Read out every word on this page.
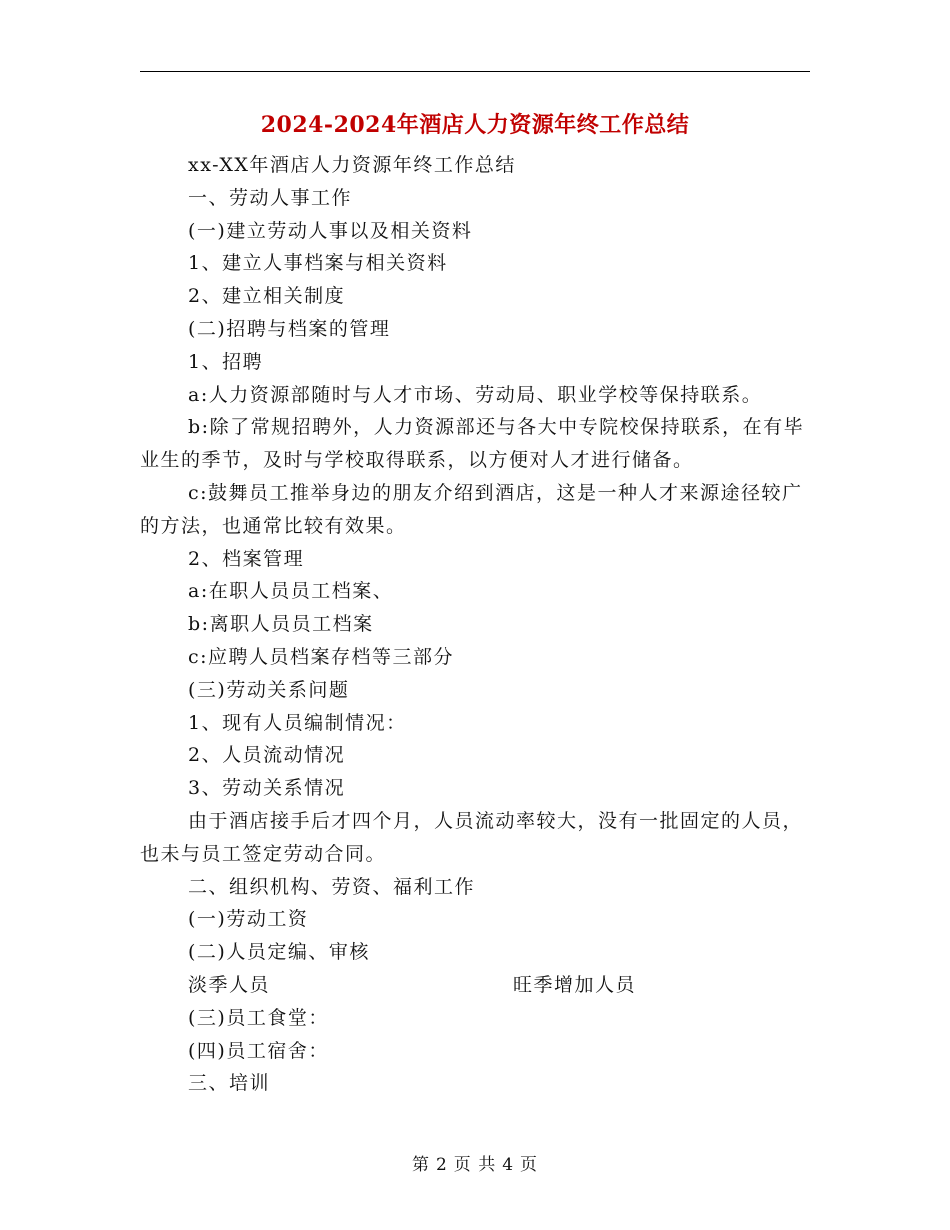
2024-2024年酒店人力资源年终工作总结

xx-XX年酒店人力资源年终工作总结

一、劳动人事工作

(一)建立劳动人事以及相关资料

1、建立人事档案与相关资料

2、建立相关制度

(二)招聘与档案的管理

1、招聘

a:人力资源部随时与人才市场、劳动局、职业学校等保持联系。

b:除了常规招聘外，人力资源部还与各大中专院校保持联系，在有毕业生的季节，及时与学校取得联系，以方便对人才进行储备。

c:鼓舞员工推举身边的朋友介绍到酒店，这是一种人才来源途径较广的方法，也通常比较有效果。

2、档案管理

a:在职人员员工档案、

b:离职人员员工档案

c:应聘人员档案存档等三部分

(三)劳动关系问题

1、现有人员编制情况：

2、人员流动情况

3、劳动关系情况

由于酒店接手后才四个月，人员流动率较大，没有一批固定的人员，也未与员工签定劳动合同。

二、组织机构、劳资、福利工作

(一)劳动工资

(二)人员定编、审核

淡季人员	旺季增加人员

(三)员工食堂：

(四)员工宿舍：

三、培训

第 2 页 共 4 页
